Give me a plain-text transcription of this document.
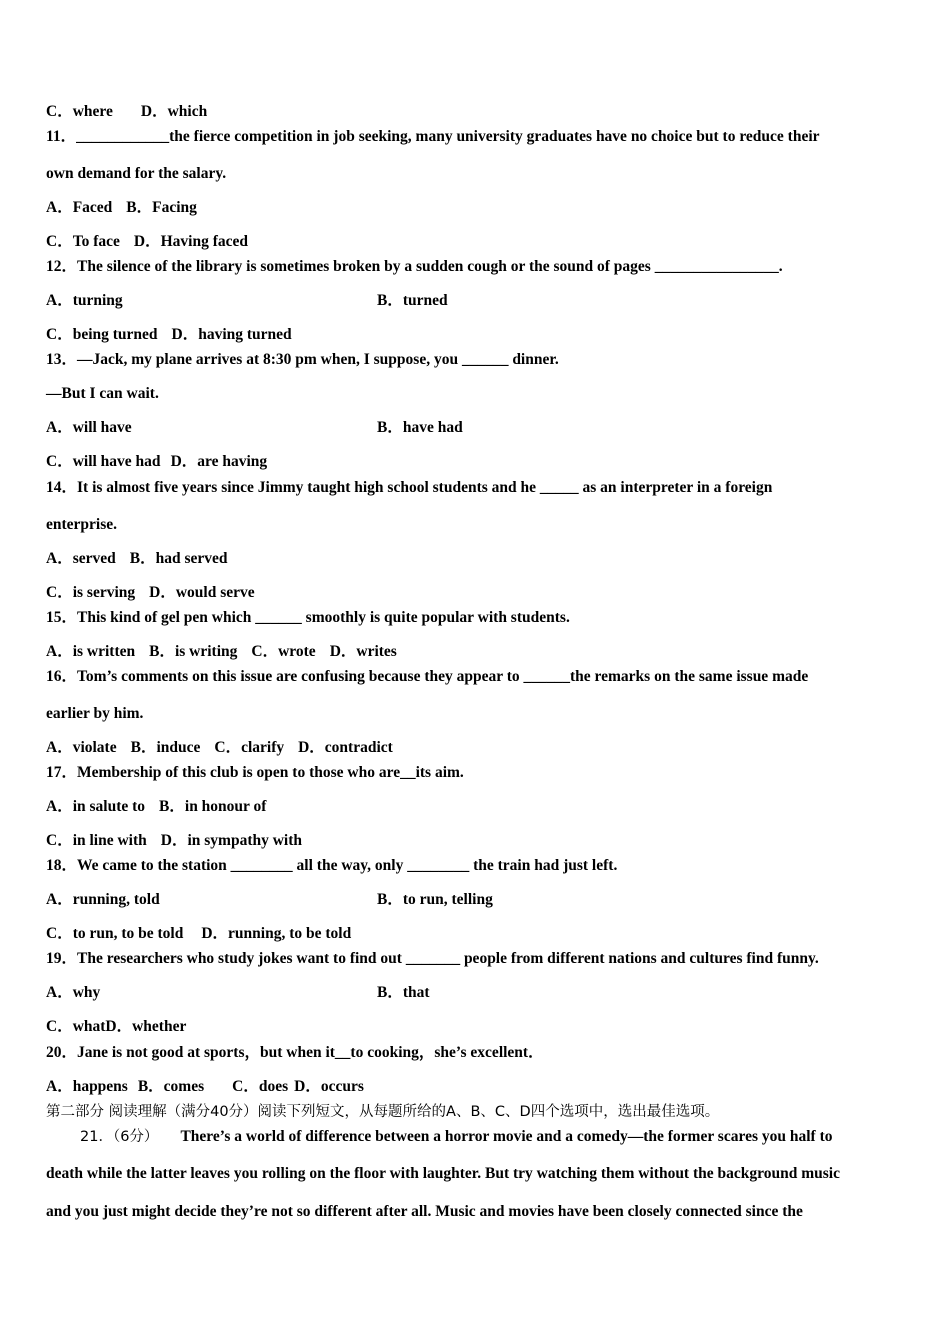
C．where D．which
11．____________the fierce competition in job seeking, many university graduates have no choice but to reduce their
own demand for the salary.
A．Faced B．Facing
C．To face D．Having faced
12．The silence of the library is sometimes broken by a sudden cough or the sound of pages ________________.
A．turning	B．turned
C．being turned D．having turned
13．—Jack, my plane arrives at 8:30 pm when, I suppose, you ______ dinner.
—But I can wait.
A．will have	B．have had
C．will have had D．are having
14．It is almost five years since Jimmy taught high school students and he _____ as an interpreter in a foreign
enterprise.
A．served B．had served
C．is serving D．would serve
15．This kind of gel pen which ______ smoothly is quite popular with students.
A．is written B．is writing C．wrote D．writes
16．Tom’s comments on this issue are confusing because they appear to ______the remarks on the same issue made
earlier by him.
A．violate B．induce C．clarify D．contradict
17．Membership of this club is open to those who are__its aim.
A．in salute to B．in honour of
C．in line with D．in sympathy with
18．We came to the station ________ all the way, only ________ the train had just left.
A．running, told	B．to run, telling
C．to run, to be told D．running, to be told
19．The researchers who study jokes want to find out _______ people from different nations and cultures find funny.
A．why	B．that
C．whatD．whether
20．Jane is not good at sports，but when it__to cooking，she’s excellent．
A．happens B．comes C．does D．occurs
第二部分 阅读理解（满分40分）阅读下列短文，从每题所给的A、B、C、D四个选项中，选出最佳选项。
21．（6分） There’s a world of difference between a horror movie and a comedy—the former scares you half to
death while the latter leaves you rolling on the floor with laughter. But try watching them without the background music
and you just might decide they’re not so different after all. Music and movies have been closely connected since the
